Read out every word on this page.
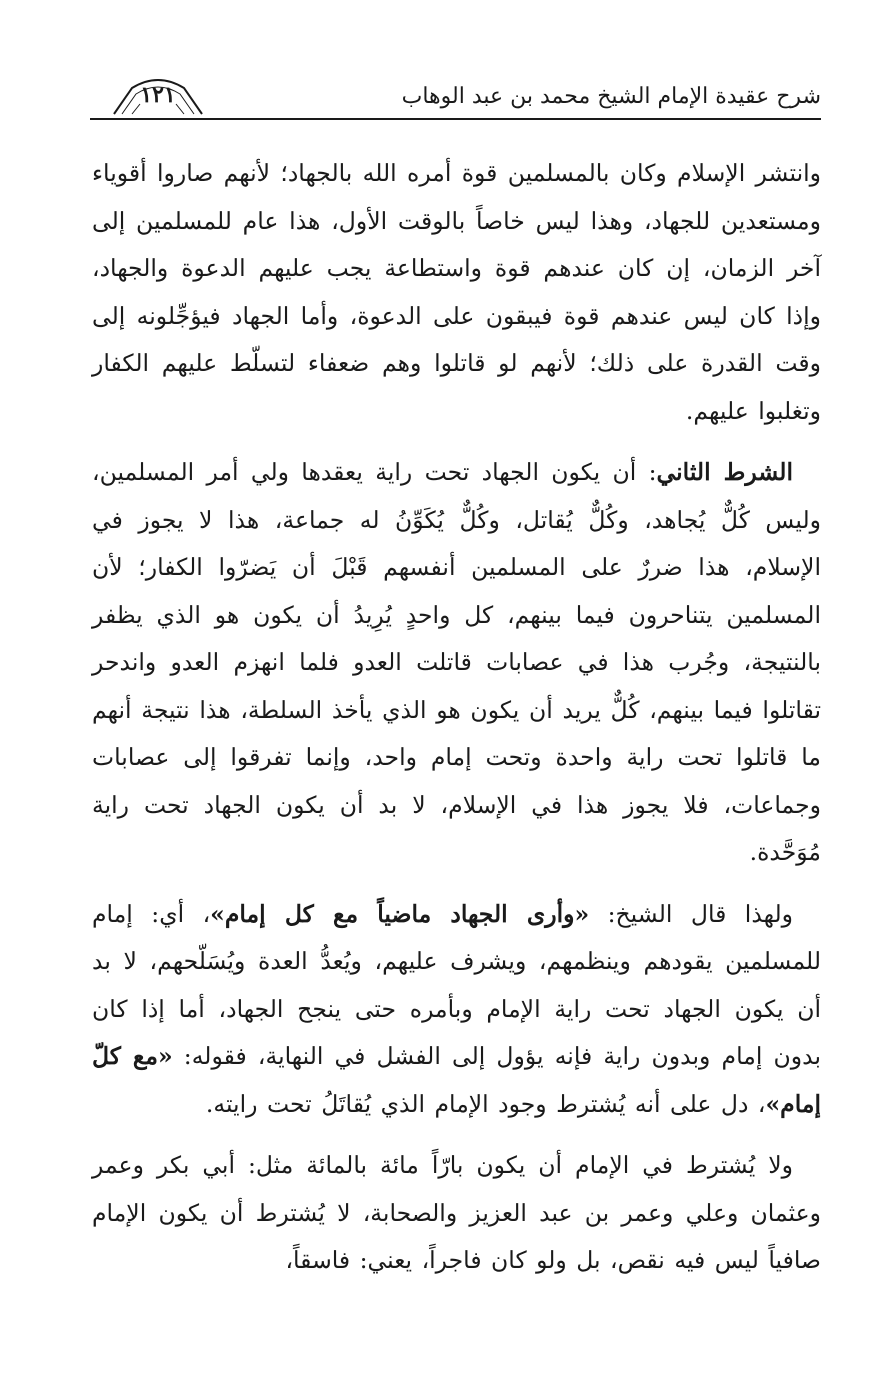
شرح عقيدة الإمام الشيخ محمد بن عبد الوهاب
١٢١

وانتشر الإسلام وكان بالمسلمين قوة أمره الله بالجهاد؛ لأنهم صاروا أقوياء ومستعدين للجهاد، وهذا ليس خاصاً بالوقت الأول، هذا عام للمسلمين إلى آخر الزمان، إن كان عندهم قوة واستطاعة يجب عليهم الدعوة والجهاد، وإذا كان ليس عندهم قوة فيبقون على الدعوة، وأما الجهاد فيؤجِّلونه إلى وقت القدرة على ذلك؛ لأنهم لو قاتلوا وهم ضعفاء لتسلّط عليهم الكفار وتغلبوا عليهم.

الشرط الثاني: أن يكون الجهاد تحت راية يعقدها ولي أمر المسلمين، وليس كُلٌّ يُجاهد، وكُلٌّ يُقاتل، وكُلٌّ يُكَوِّنُ له جماعة، هذا لا يجوز في الإسلام، هذا ضررٌ على المسلمين أنفسهم قَبْلَ أن يَضرّوا الكفار؛ لأن المسلمين يتناحرون فيما بينهم، كل واحدٍ يُرِيدُ أن يكون هو الذي يظفر بالنتيجة، وجُرب هذا في عصابات قاتلت العدو فلما انهزم العدو واندحر تقاتلوا فيما بينهم، كُلٌّ يريد أن يكون هو الذي يأخذ السلطة، هذا نتيجة أنهم ما قاتلوا تحت راية واحدة وتحت إمام واحد، وإنما تفرقوا إلى عصابات وجماعات، فلا يجوز هذا في الإسلام، لا بد أن يكون الجهاد تحت راية مُوَحَّدة.

ولهذا قال الشيخ: «وأرى الجهاد ماضياً مع كل إمام»، أي: إمام للمسلمين يقودهم وينظمهم، ويشرف عليهم، ويُعدُّ العدة ويُسَلّحهم، لا بد أن يكون الجهاد تحت راية الإمام وبأمره حتى ينجح الجهاد، أما إذا كان بدون إمام وبدون راية فإنه يؤول إلى الفشل في النهاية، فقوله: «مع كلّ إمام»، دل على أنه يُشترط وجود الإمام الذي يُقاتَلُ تحت رايته.

ولا يُشترط في الإمام أن يكون بارّاً مائة بالمائة مثل: أبي بكر وعمر وعثمان وعلي وعمر بن عبد العزيز والصحابة، لا يُشترط أن يكون الإمام صافياً ليس فيه نقص، بل ولو كان فاجراً، يعني: فاسقاً،
